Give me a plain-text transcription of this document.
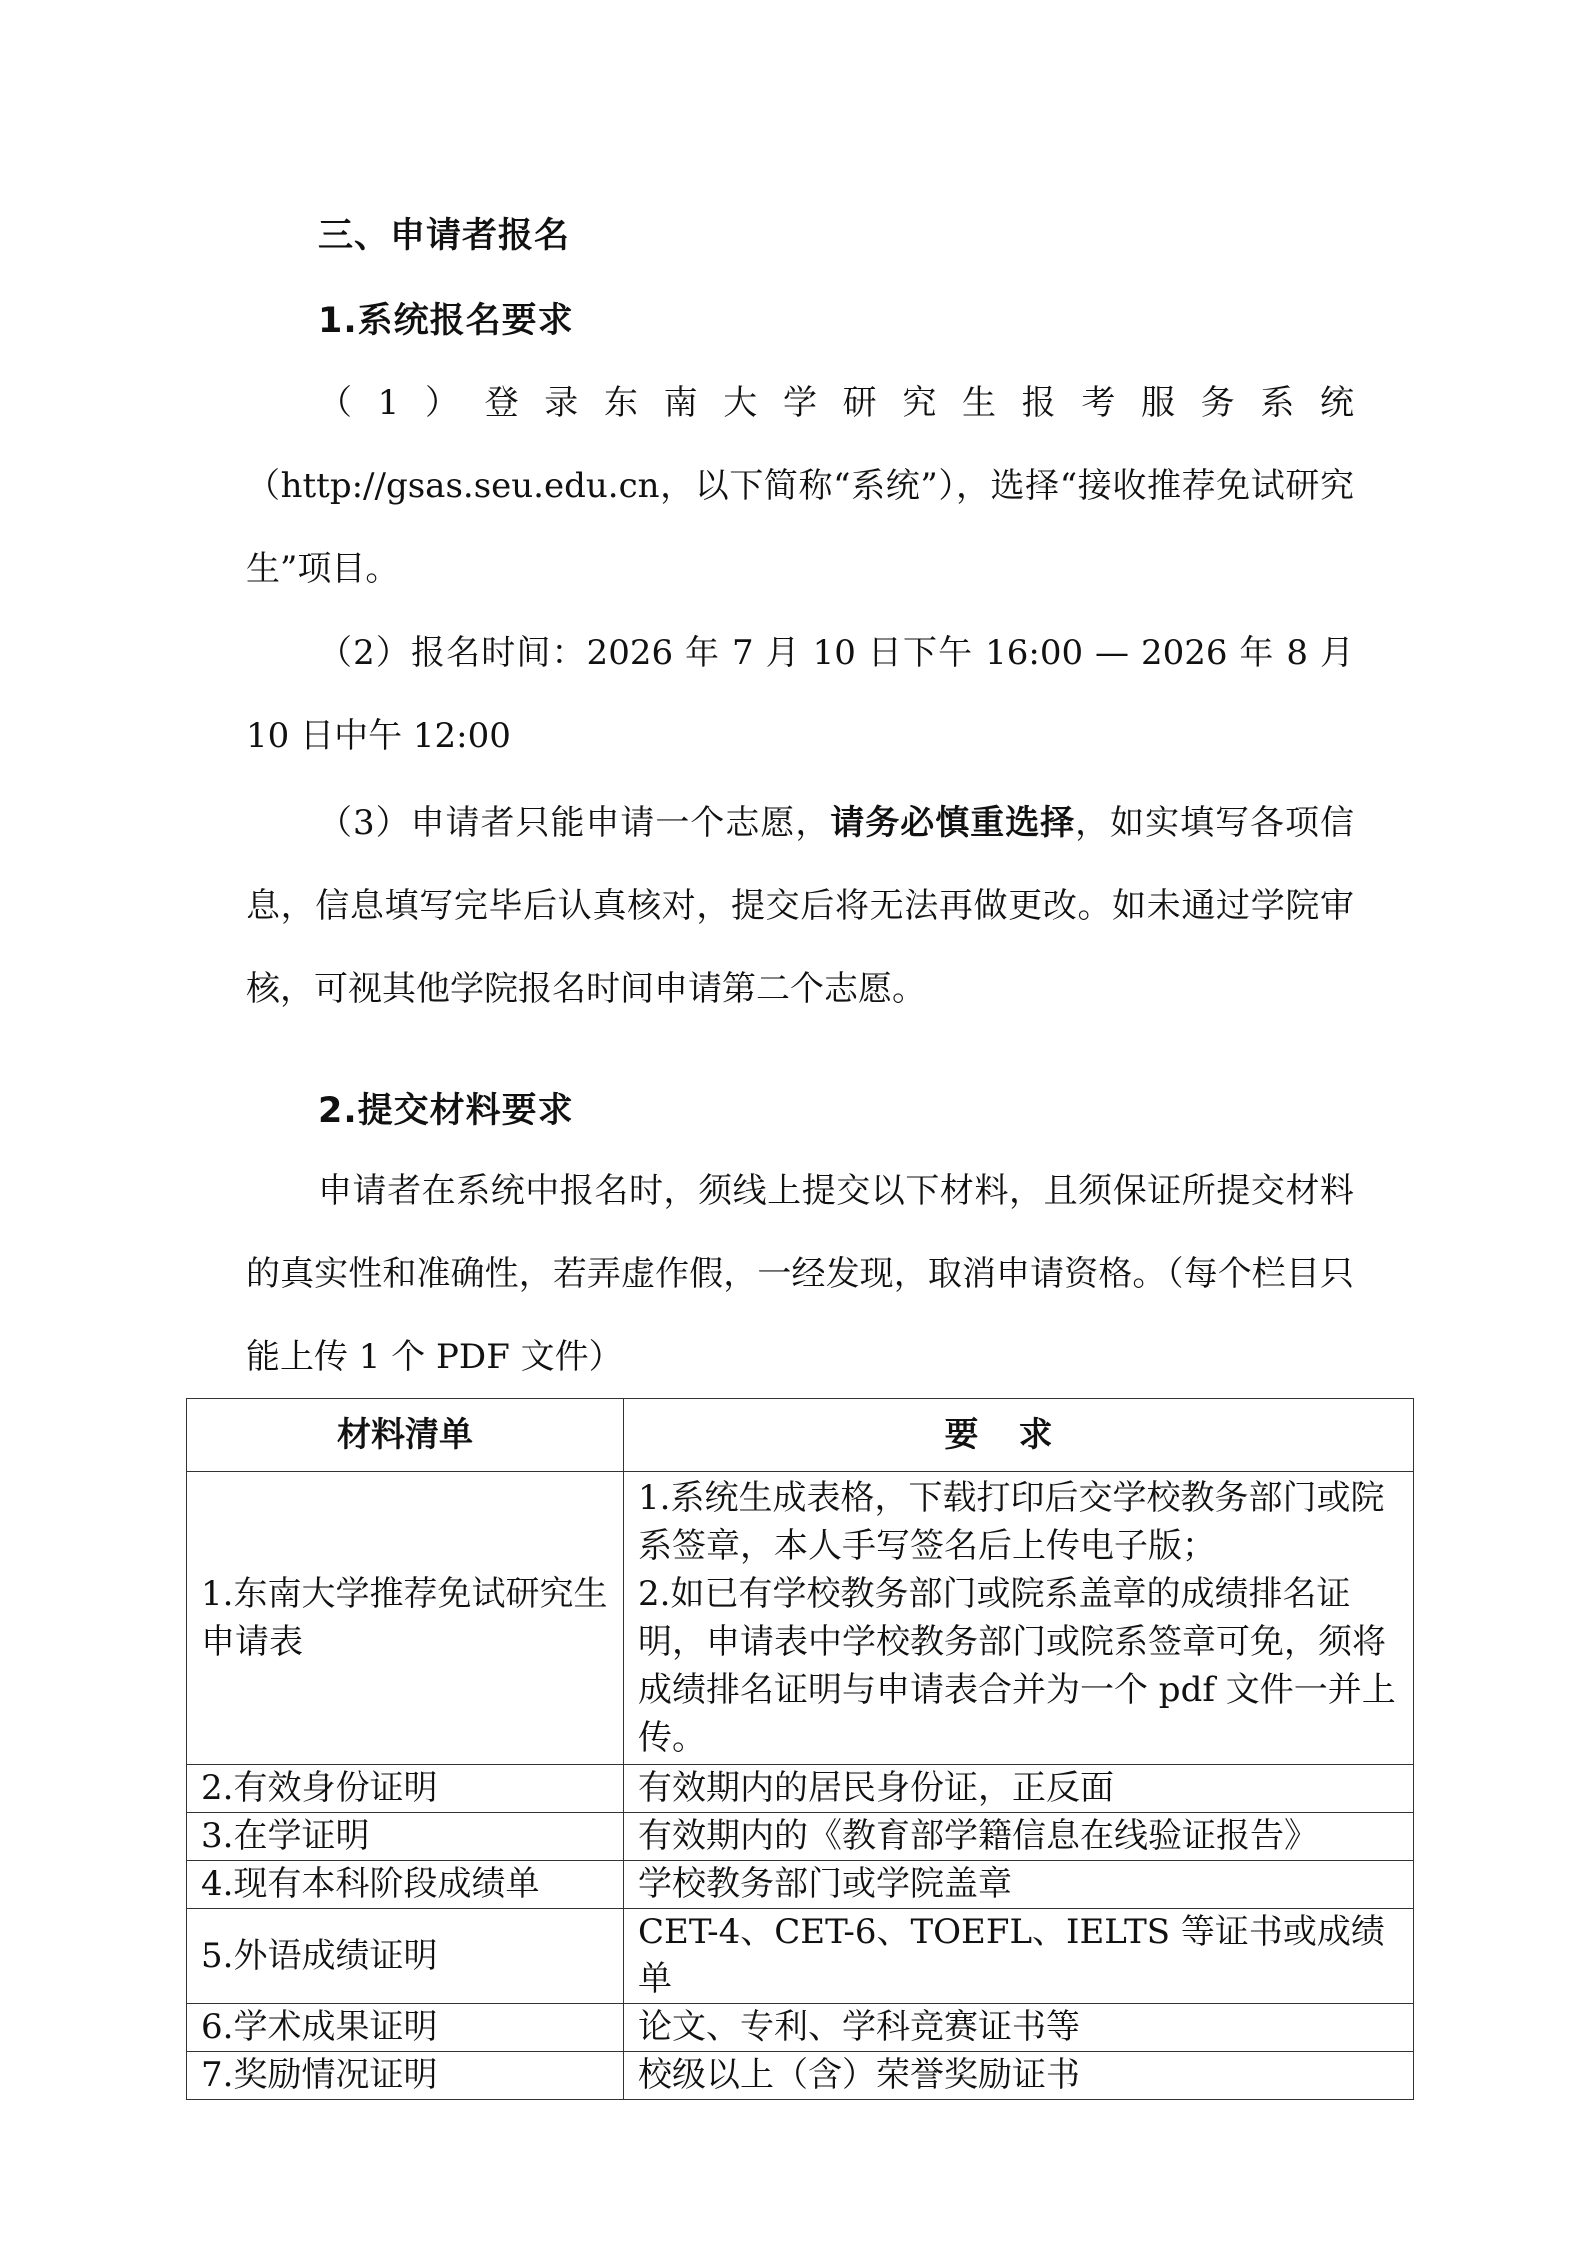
三、申请者报名
1.系统报名要求

（1）登录东南大学研究生报考服务系统
（http://gsas.seu.edu.cn，以下简称“系统”），选择“接收推荐免试研究生”项目。

（2）报名时间：2026 年 7 月 10 日下午 16:00 — 2026 年 8 月 10 日中午 12:00

（3）申请者只能申请一个志愿，请务必慎重选择，如实填写各项信息，信息填写完毕后认真核对，提交后将无法再做更改。如未通过学院审核，可视其他学院报名时间申请第二个志愿。

2.提交材料要求

申请者在系统中报名时，须线上提交以下材料，且须保证所提交材料的真实性和准确性，若弄虚作假，一经发现，取消申请资格。（每个栏目只能上传 1 个 PDF 文件）

材料清单	要求
1.东南大学推荐免试研究生申请表	1.系统生成表格，下载打印后交学校教务部门或院系签章，本人手写签名后上传电子版；
2.如已有学校教务部门或院系盖章的成绩排名证明，申请表中学校教务部门或院系签章可免，须将成绩排名证明与申请表合并为一个 pdf 文件一并上传。

2.有效身份证明	有效期内的居民身份证，正反面
3.在学证明	有效期内的《教育部学籍信息在线验证报告》
4.现有本科阶段成绩单	学校教务部门或学院盖章
5.外语成绩证明	CET-4、CET-6、TOEFL、IELTS 等证书或成绩单
6.学术成果证明	论文、专利、学科竞赛证书等
7.奖励情况证明	校级以上（含）荣誉奖励证书
